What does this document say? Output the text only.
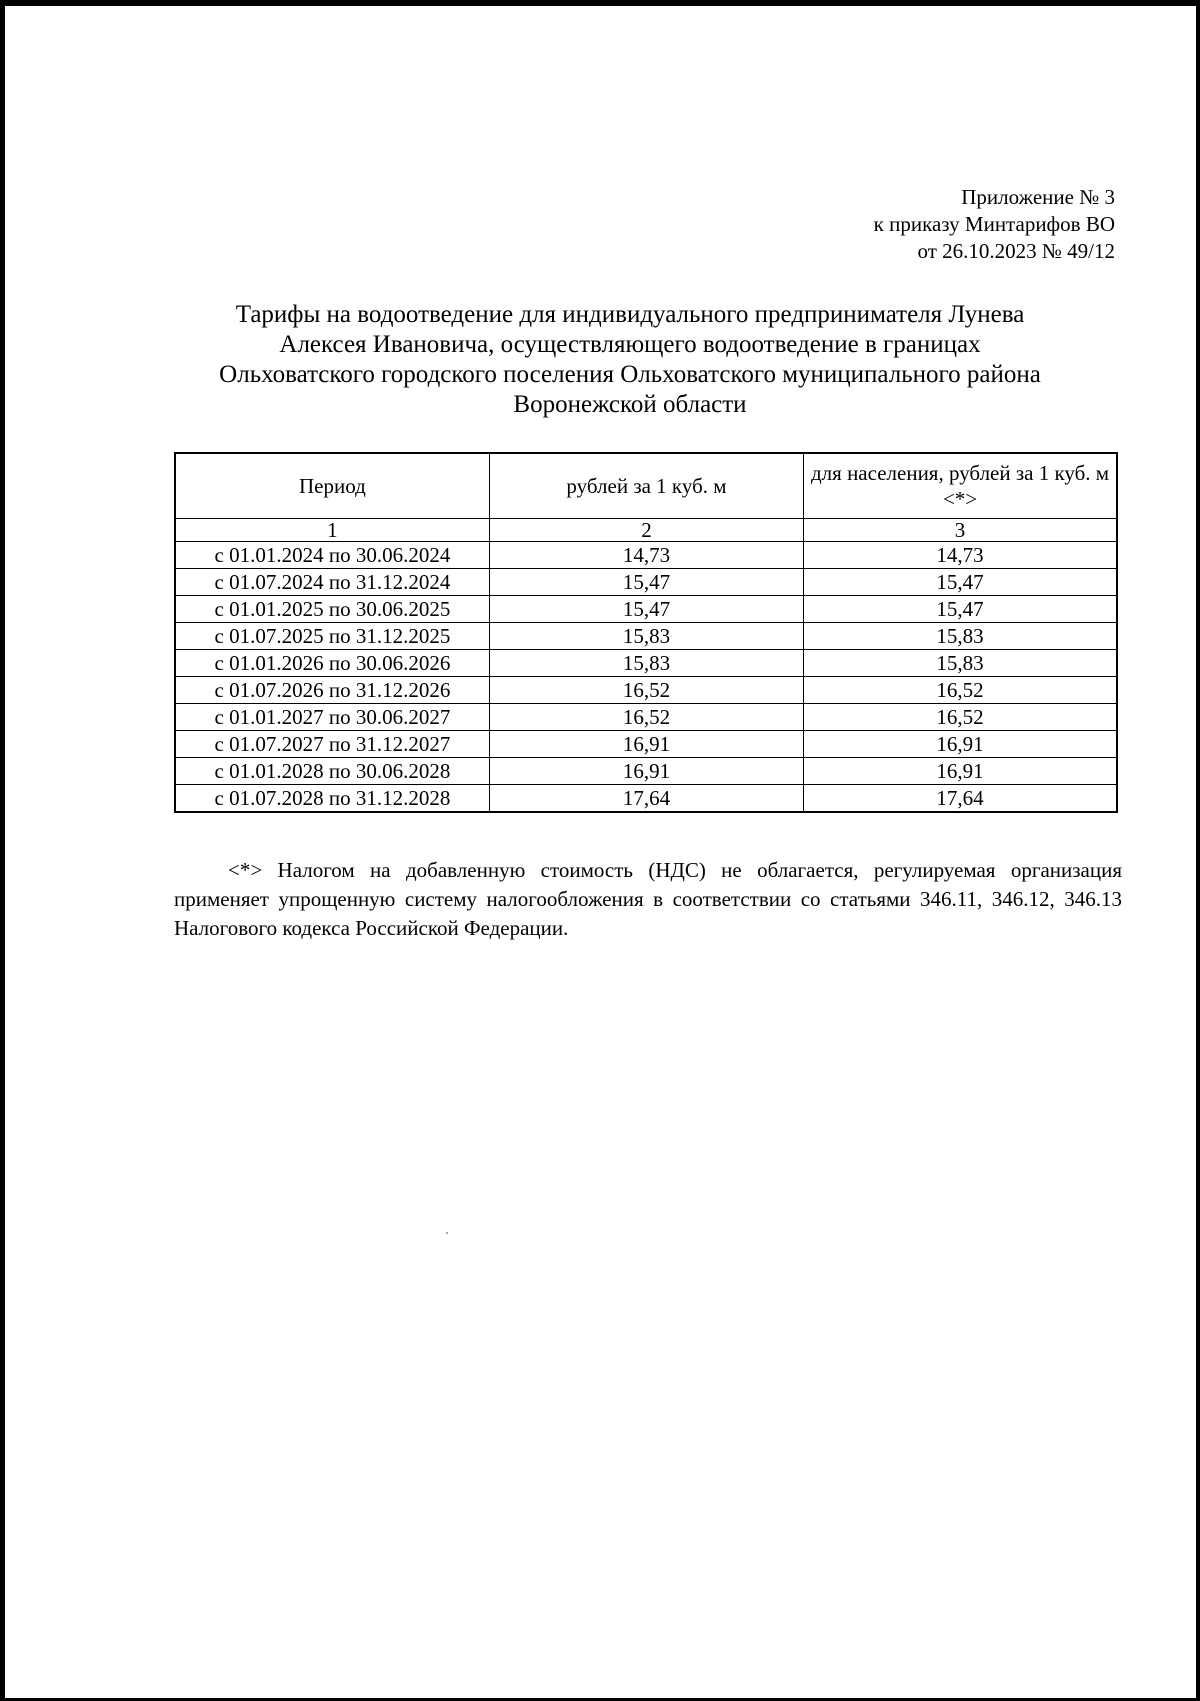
Приложение № 3
к приказу Минтарифов ВО
от 26.10.2023 № 49/12
Тарифы на водоотведение для индивидуального предпринимателя Лунева
Алексея Ивановича, осуществляющего водоотведение в границах
Ольховатского городского поселения Ольховатского муниципального района
Воронежской области
Период	рублей за 1 куб. м	для населения, рублей за 1 куб. м <*>
1	2	3
с 01.01.2024 по 30.06.2024	14,73	14,73
с 01.07.2024 по 31.12.2024	15,47	15,47
с 01.01.2025 по 30.06.2025	15,47	15,47
с 01.07.2025 по 31.12.2025	15,83	15,83
с 01.01.2026 по 30.06.2026	15,83	15,83
с 01.07.2026 по 31.12.2026	16,52	16,52
с 01.01.2027 по 30.06.2027	16,52	16,52
с 01.07.2027 по 31.12.2027	16,91	16,91
с 01.01.2028 по 30.06.2028	16,91	16,91
с 01.07.2028 по 31.12.2028	17,64	17,64
<*> Налогом на добавленную стоимость (НДС) не облагается, регулируемая организация применяет упрощенную систему налогообложения в соответствии со статьями 346.11, 346.12, 346.13 Налогового кодекса Российской Федерации.
